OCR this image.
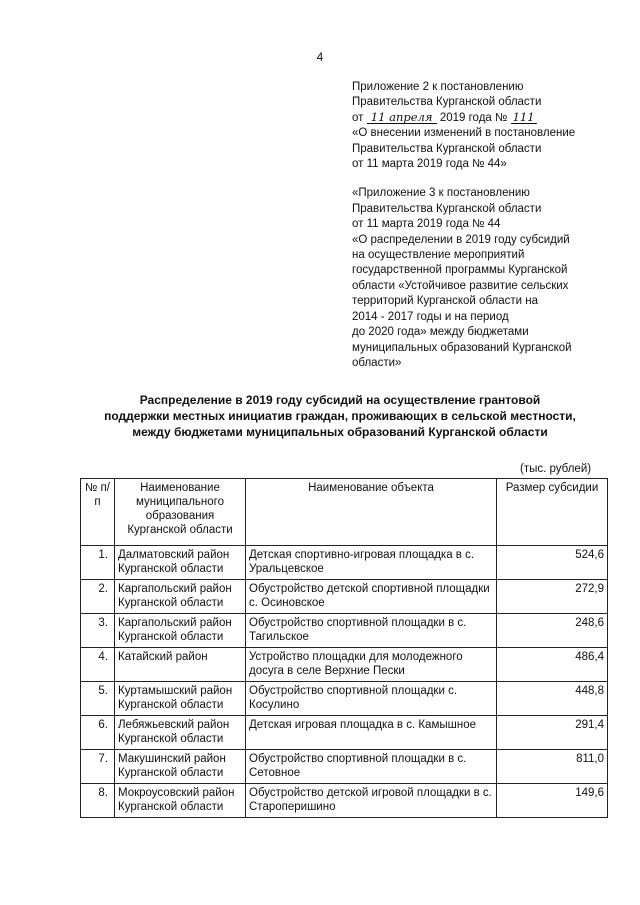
4
Приложение 2 к постановлению
Правительства Курганской области
от 11 апреля 2019 года № 111
«О внесении изменений в постановление
Правительства Курганской области
от 11 марта 2019 года № 44»
«Приложение 3 к постановлению
Правительства Курганской области
от 11 марта 2019 года № 44
«О распределении в 2019 году субсидий
на осуществление мероприятий
государственной программы Курганской
области «Устойчивое развитие сельских
территорий Курганской области на
2014 - 2017 годы и на период
до 2020 года» между бюджетами
муниципальных образований Курганской
области»
Распределение в 2019 году субсидий на осуществление грантовой
поддержки местных инициатив граждан, проживающих в сельской местности,
между бюджетами муниципальных образований Курганской области
(тыс. рублей)
№ п/п	Наименование муниципального образования Курганской области	Наименование объекта	Размер субсидии
1.	Далматовский район Курганской области	Детская спортивно-игровая площадка в с. Уральцевское	524,6
2.	Каргапольский район Курганской области	Обустройство детской спортивной площадки с. Осиновское	272,9
3.	Каргапольский район Курганской области	Обустройство спортивной площадки в с. Тагильское	248,6
4.	Катайский район	Устройство площадки для молодежного досуга в селе Верхние Пески	486,4
5.	Куртамышский район Курганской области	Обустройство спортивной площадки с. Косулино	448,8
6.	Лебяжьевский район Курганской области	Детская игровая площадка в с. Камышное	291,4
7.	Макушинский район Курганской области	Обустройство спортивной площадки в с. Сетовное	811,0
8.	Мокроусовский район Курганской области	Обустройство детской игровой площадки в с. Староперишино	149,6
